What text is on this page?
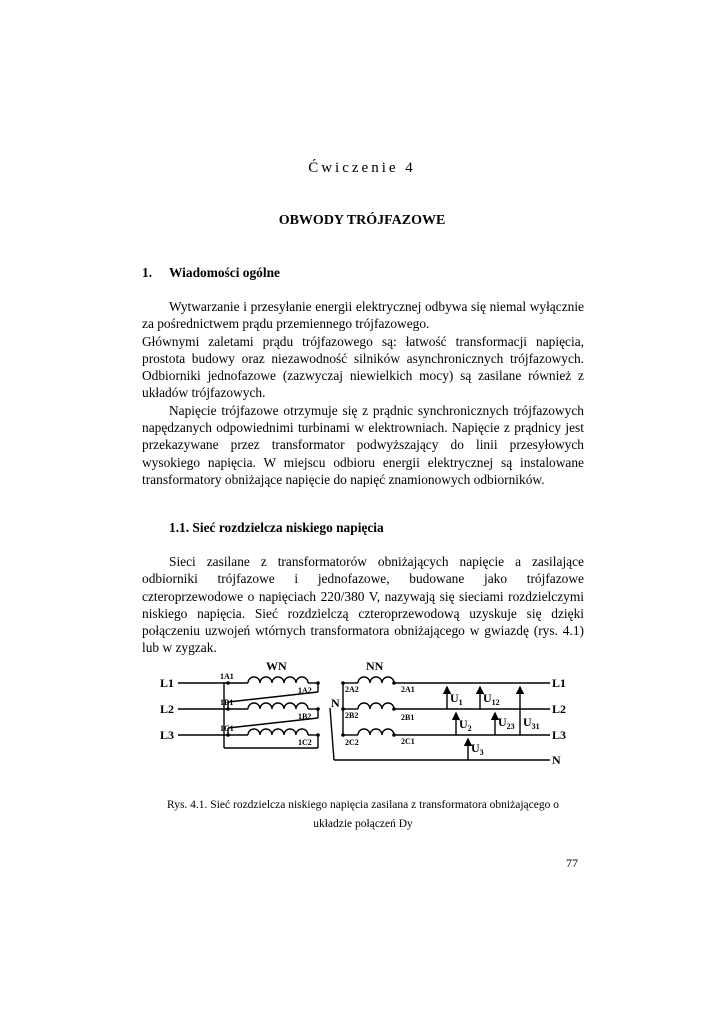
Ćwiczenie 4
OBWODY TRÓJFAZOWE
1. Wiadomości ogólne

Wytwarzanie i przesyłanie energii elektrycznej odbywa się niemal wyłącznie za pośrednictwem prądu przemiennego trójfazowego.

Głównymi zaletami prądu trójfazowego są: łatwość transformacji napięcia, prostota budowy oraz niezawodność silników asynchronicznych trójfazowych. Odbiorniki jednofazowe (zazwyczaj niewielkich mocy) są zasilane również z układów trójfazowych.

Napięcie trójfazowe otrzymuje się z prądnic synchronicznych trójfazowych napędzanych odpowiednimi turbinami w elektrowniach. Napięcie z prądnicy jest przekazywane przez transformator podwyższający do linii przesyłowych wysokiego napięcia. W miejscu odbioru energii elektrycznej są instalowane transformatory obniżające napięcie do napięć znamionowych odbiorników.

1.1. Sieć rozdzielcza niskiego napięcia

Sieci zasilane z transformatorów obniżających napięcie a zasilające odbiorniki trójfazowe i jednofazowe, budowane jako trójfazowe czteroprzewodowe o napięciach 220/380 V, nazywają się sieciami rozdzielczymi niskiego napięcia. Sieć rozdzielczą czteroprzewodową uzyskuje się dzięki połączeniu uzwojeń wtórnych transformatora obniżającego w gwiazdę (rys. 4.1) lub w zygzak.

WN	NN
L1
L2
L3
L1
L2
L3
N
N
1A1
1A2
1B1
1B2
1C1
1C2
2A2	2A1
2B2	2B1
2C2	2C1
$U_1$ $U_{12}$
$U_2$ $U_{23}$ $U_{31}$
$U_3$
Rys. 4.1. Sieć rozdzielcza niskiego napięcia zasilana z transformatora obniżającego o
układzie połączeń Dy
77
